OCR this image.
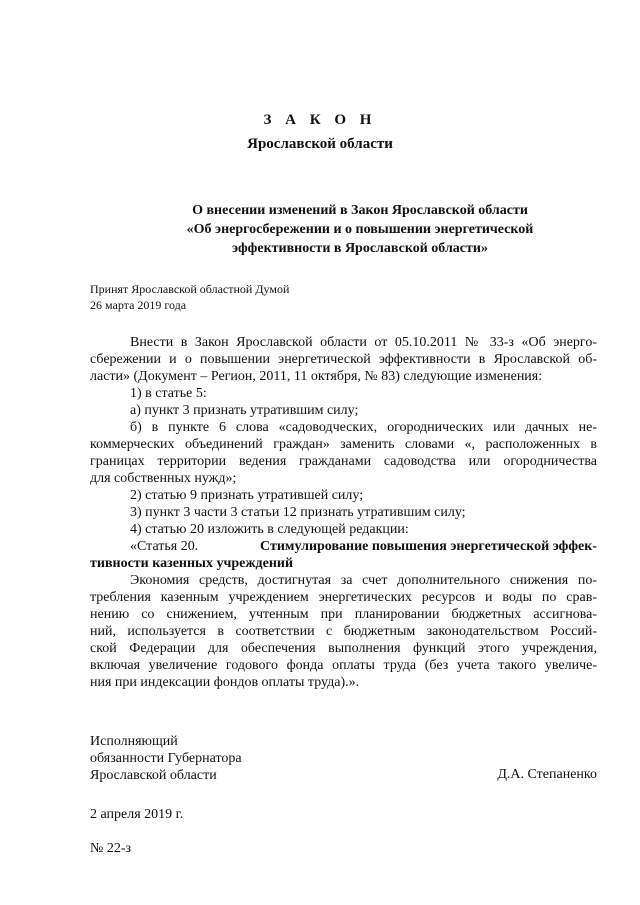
З А К О Н
Ярославской области
О внесении изменений в Закон Ярославской области
«Об энергосбережении и о повышении энергетической
эффективности в Ярославской области»
Принят Ярославской областной Думой
26 марта 2019 года
Внести в Закон Ярославской области от 05.10.2011 № 33-з «Об энерго-
сбережении и о повышении энергетической эффективности в Ярославской об-
ласти» (Документ – Регион, 2011, 11 октября, № 83) следующие изменения:
1) в статье 5:
а) пункт 3 признать утратившим силу;
б) в пункте 6 слова «садоводческих, огороднических или дачных не-
коммерческих объединений граждан» заменить словами «, расположенных в
границах территории ведения гражданами садоводства или огородничества
для собственных нужд»;
2) статью 9 признать утратившей силу;
3) пункт 3 части 3 статьи 12 признать утратившим силу;
4) статью 20 изложить в следующей редакции:
«Статья 20.	Стимулирование повышения энергетической эффек-
тивности казенных учреждений
Экономия средств, достигнутая за счет дополнительного снижения по-
требления казенным учреждением энергетических ресурсов и воды по срав-
нению со снижением, учтенным при планировании бюджетных ассигнова-
ний, используется в соответствии с бюджетным законодательством Россий-
ской Федерации для обеспечения выполнения функций этого учреждения,
включая увеличение годового фонда оплаты труда (без учета такого увеличе-
ния при индексации фондов оплаты труда).».
Исполняющий
обязанности Губернатора
Ярославской области	Д.А. Степаненко
2 апреля 2019 г.
№ 22-з
